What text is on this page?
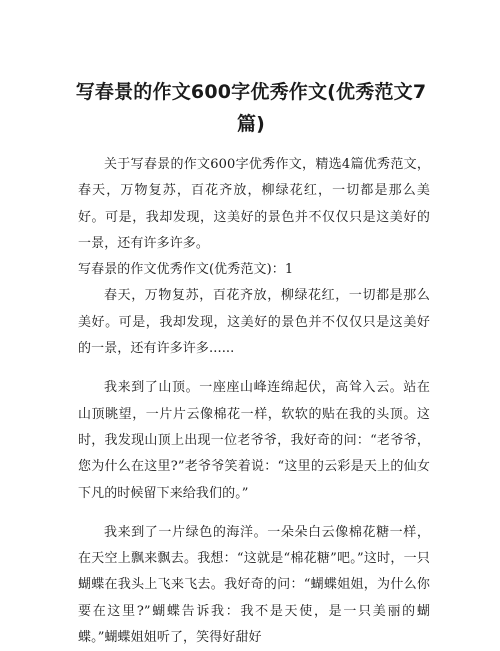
写春景的作文600字优秀作文(优秀范文7篇)

关于写春景的作文600字优秀作文，精选4篇优秀范文，春天，万物复苏，百花齐放，柳绿花红，一切都是那么美好。可是，我却发现，这美好的景色并不仅仅只是这美好的一景，还有许多许多。

写春景的作文优秀作文(优秀范文)：1

春天，万物复苏，百花齐放，柳绿花红，一切都是那么美好。可是，我却发现，这美好的景色并不仅仅只是这美好的一景，还有许多许多......

我来到了山顶。一座座山峰连绵起伏，高耸入云。站在山顶眺望，一片片云像棉花一样，软软的贴在我的头顶。这时，我发现山顶上出现一位老爷爷，我好奇的问：“老爷爷，您为什么在这里?”老爷爷笑着说：“这里的云彩是天上的仙女下凡的时候留下来给我们的。”

我来到了一片绿色的海洋。一朵朵白云像棉花糖一样，在天空上飘来飘去。我想：“这就是“棉花糖”吧。”这时，一只蝴蝶在我头上飞来飞去。我好奇的问：“蝴蝶姐姐，为什么你要在这里?”蝴蝶告诉我：我不是天使，是一只美丽的蝴蝶。”蝴蝶姐姐听了，笑得好甜好
